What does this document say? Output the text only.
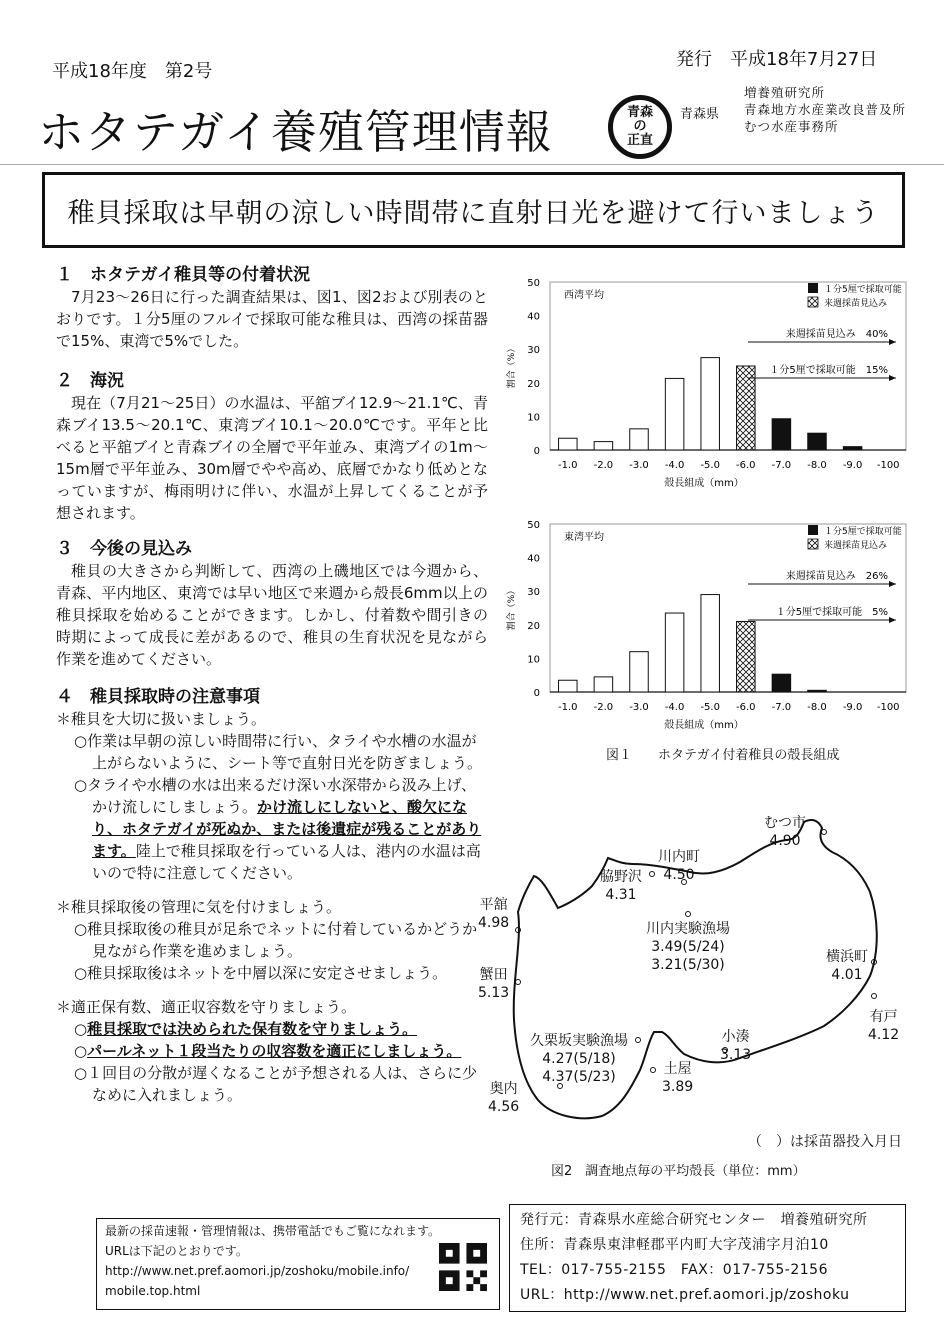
平成18年度　第2号
発行　平成18年7月27日
ホタテガイ養殖管理情報	青森
の
正直
青森県
増養殖研究所
青森地方水産業改良普及所
むつ水産事務所
稚貝採取は早朝の涼しい時間帯に直射日光を避けて行いましょう

１　ホタテガイ稚貝等の付着状況

7月23～26日に行った調査結果は、図1、図2および別表のとおりです。１分5厘のフルイで採取可能な稚貝は、西湾の採苗器で15%、東湾で5%でした。

２　海況

現在（7月21～25日）の水温は、平舘ブイ12.9～21.1℃、青森ブイ13.5～20.1℃、東湾ブイ10.1～20.0℃です。平年と比べると平舘ブイと青森ブイの全層で平年並み、東湾ブイの1m～15m層で平年並み、30m層でやや高め、底層でかなり低めとなっていますが、梅雨明けに伴い、水温が上昇してくることが予想されます。

３　今後の見込み

稚貝の大きさから判断して、西湾の上磯地区では今週から、青森、平内地区、東湾では早い地区で来週から殻長6mm以上の稚貝採取を始めることができます。しかし、付着数や間引きの時期によって成長に差があるので、稚貝の生育状況を見ながら作業を進めてください。

４　稚貝採取時の注意事項

＊稚貝を大切に扱いましょう。

○作業は早朝の涼しい時間帯に行い、タライや水槽の水温が上がらないように、シート等で直射日光を防ぎましょう。

○タライや水槽の水は出来るだけ深い水深帯から汲み上げ、かけ流しにしましょう。かけ流しにしないと、酸欠になり、ホタテガイが死ぬか、または後遺症が残ることがあります。陸上で稚貝採取を行っている人は、港内の水温は高いので特に注意してください。

＊稚貝採取後の管理に気を付けましょう。

○稚貝採取後の稚貝が足糸でネットに付着しているかどうか見ながら作業を進めましょう。

○稚貝採取後はネットを中層以深に安定させましょう。

＊適正保有数、適正収容数を守りましょう。

○稚貝採取では決められた保有数を守りましょう。

○パールネット１段当たりの収容数を適正にしましょう。

○１回目の分散が遅くなることが予想される人は、さらに少なめに入れましょう。

0
10
20
30
40
50
-1.0 -2.0 -3.0 -4.0 -5.0 -6.0 -7.0 -8.0 -9.0 -100
西湾平均
割合（%）
殻長組成（mm）
１分5厘で採取可能
来週採苗見込み
来週採苗見込み　40%
１分5厘で採取可能　15%
0
10
20
30
40
50
-1.0 -2.0 -3.0 -4.0 -5.0 -6.0 -7.0 -8.0 -9.0 -100
東湾平均
割合（%）
殻長組成（mm）
１分5厘で採取可能
来週採苗見込み
来週採苗見込み　26%
１分5厘で採取可能　5%
図１　　ホタテガイ付着稚貝の殻長組成
むつ市
4.90
川内町
4.50
脇野沢
4.31
川内実験漁場
3.49(5/24)
3.21(5/30)
平舘
4.98
蟹田
5.13
横浜町
4.01
有戸
4.12
久栗坂実験漁場
4.27(5/18)
4.37(5/23)
小湊
3.13
土屋
3.89
奥内
4.56
（　）は採苗器投入月日
図2　調査地点毎の平均殻長（単位：mm）
最新の採苗速報・管理情報は、携帯電話でもご覧になれます。
URLは下記のとおりです。
http://www.net.pref.aomori.jp/zoshoku/mobile.info/
mobile.top.html
発行元：青森県水産総合研究センター　増養殖研究所
住所：青森県東津軽郡平内町大字茂浦字月泊10
TEL：017-755-2155　FAX：017-755-2156
URL：http://www.net.pref.aomori.jp/zoshoku
